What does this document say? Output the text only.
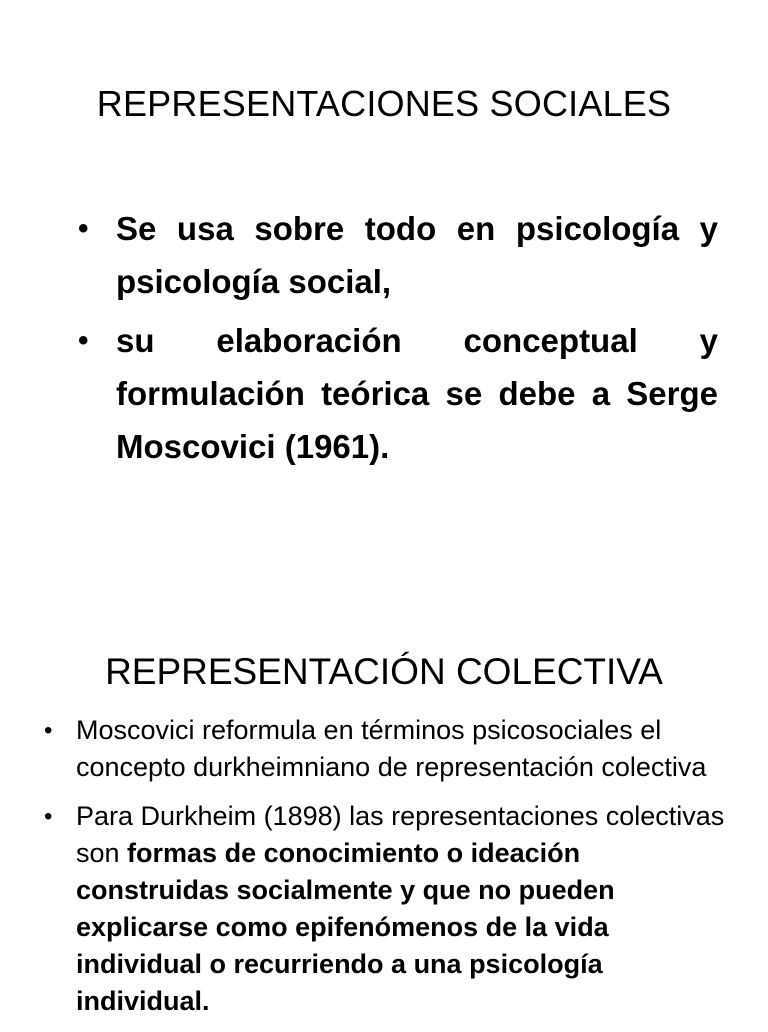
REPRESENTACIONES SOCIALES
• Se usa sobre todo en psicología y psicología social,
• su elaboración conceptual y formulación teórica se debe a Serge Moscovici (1961).
REPRESENTACIÓN COLECTIVA
• Moscovici reformula en términos psicosociales el concepto durkheimniano de representación colectiva
• Para Durkheim (1898) las representaciones colectivas son formas de conocimiento o ideación construidas socialmente y que no pueden explicarse como epifenómenos de la vida individual o recurriendo a una psicología individual.
